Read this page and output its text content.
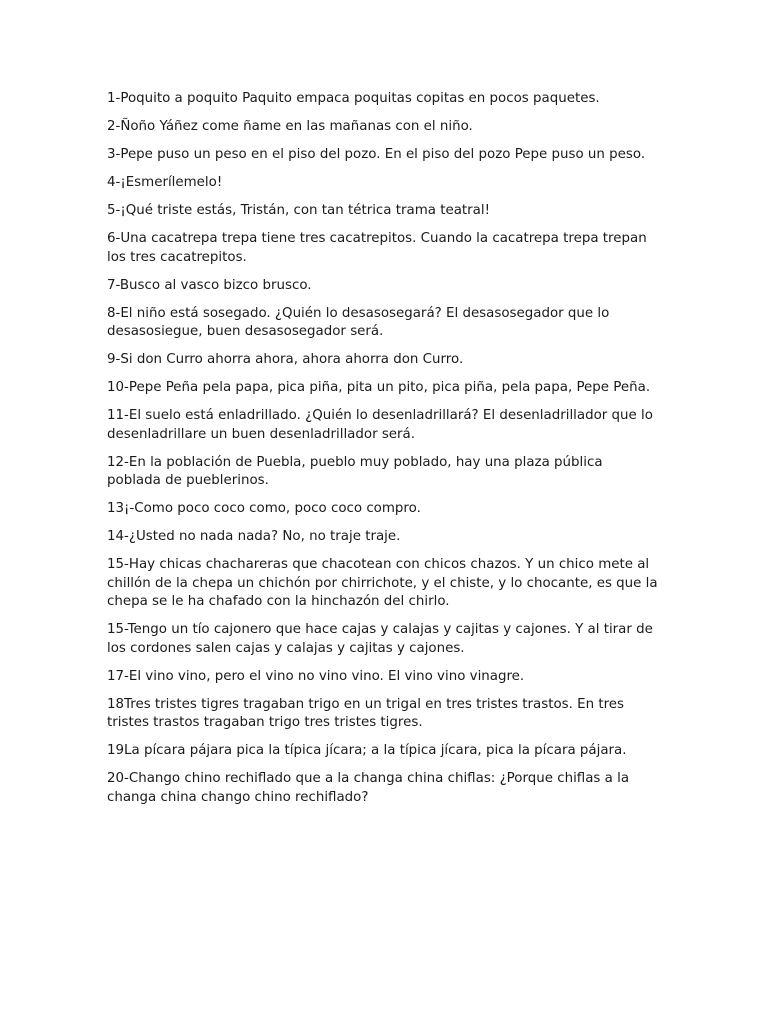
1-Poquito a poquito Paquito empaca poquitas copitas en pocos paquetes.

2-Ñoño Yáñez come ñame en las mañanas con el niño.

3-Pepe puso un peso en el piso del pozo. En el piso del pozo Pepe puso un peso.

4-¡Esmerílemelo!

5-¡Qué triste estás, Tristán, con tan tétrica trama teatral!

6-Una cacatrepa trepa tiene tres cacatrepitos. Cuando la cacatrepa trepa trepan los tres cacatrepitos.

7-Busco al vasco bizco brusco.

8-El niño está sosegado. ¿Quién lo desasosegará? El desasosegador que lo desasosiegue, buen desasosegador será.

9-Si don Curro ahorra ahora, ahora ahorra don Curro.

10-Pepe Peña pela papa, pica piña, pita un pito, pica piña, pela papa, Pepe Peña.

11-El suelo está enladrillado. ¿Quién lo desenladrillará? El desenladrillador que lo desenladrillare un buen desenladrillador será.

12-En la población de Puebla, pueblo muy poblado, hay una plaza pública poblada de pueblerinos.

13¡-Como poco coco como, poco coco compro.

14-¿Usted no nada nada? No, no traje traje.

15-Hay chicas chachareras que chacotean con chicos chazos. Y un chico mete al chillón de la chepa un chichón por chirrichote, y el chiste, y lo chocante, es que la chepa se le ha chafado con la hinchazón del chirlo.

15-Tengo un tío cajonero que hace cajas y calajas y cajitas y cajones. Y al tirar de los cordones salen cajas y calajas y cajitas y cajones.

17-El vino vino, pero el vino no vino vino. El vino vino vinagre.

18Tres tristes tigres tragaban trigo en un trigal en tres tristes trastos. En tres tristes trastos tragaban trigo tres tristes tigres.

19La pícara pájara pica la típica jícara; a la típica jícara, pica la pícara pájara.

20-Chango chino rechiflado que a la changa china chiflas: ¿Porque chiflas a la changa china chango chino rechiflado?
